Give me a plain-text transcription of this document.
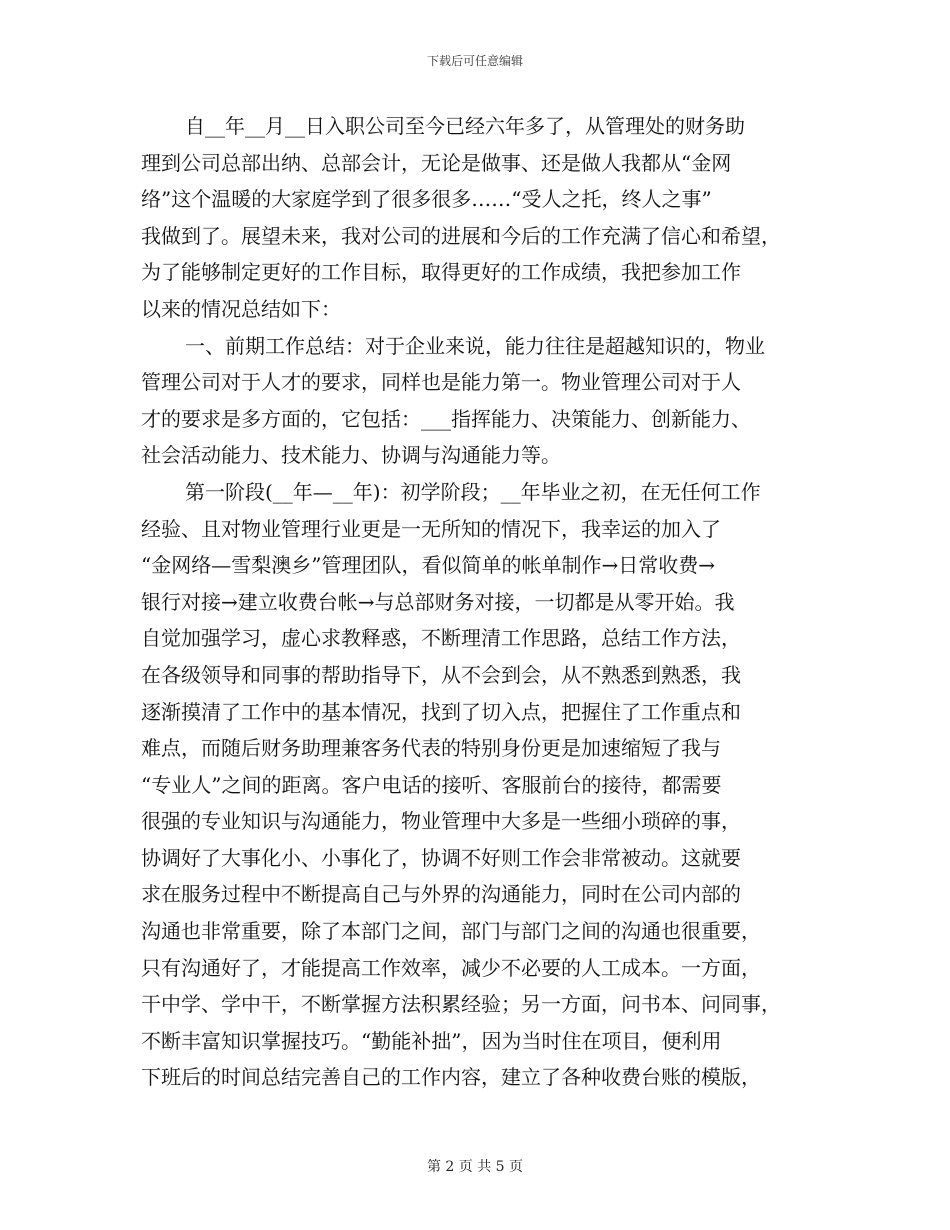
下载后可任意编辑
自__年__月__日入职公司至今已经六年多了，从管理处的财务助
理到公司总部出纳、总部会计，无论是做事、还是做人我都从“金网
络”这个温暖的大家庭学到了很多很多……“受人之托，终人之事”
我做到了。展望未来，我对公司的进展和今后的工作充满了信心和希望，
为了能够制定更好的工作目标，取得更好的工作成绩，我把参加工作
以来的情况总结如下：
一、前期工作总结：对于企业来说，能力往往是超越知识的，物业
管理公司对于人才的要求，同样也是能力第一。物业管理公司对于人
才的要求是多方面的，它包括：___指挥能力、决策能力、创新能力、
社会活动能力、技术能力、协调与沟通能力等。
第一阶段(__年—__年)：初学阶段；__年毕业之初，在无任何工作
经验、且对物业管理行业更是一无所知的情况下，我幸运的加入了
“金网络—雪梨澳乡”管理团队，看似简单的帐单制作→日常收费→
银行对接→建立收费台帐→与总部财务对接，一切都是从零开始。我
自觉加强学习，虚心求教释惑，不断理清工作思路，总结工作方法，
在各级领导和同事的帮助指导下，从不会到会，从不熟悉到熟悉，我
逐渐摸清了工作中的基本情况，找到了切入点，把握住了工作重点和
难点，而随后财务助理兼客务代表的特别身份更是加速缩短了我与
“专业人”之间的距离。客户电话的接听、客服前台的接待，都需要
很强的专业知识与沟通能力，物业管理中大多是一些细小琐碎的事，
协调好了大事化小、小事化了，协调不好则工作会非常被动。这就要
求在服务过程中不断提高自己与外界的沟通能力，同时在公司内部的
沟通也非常重要，除了本部门之间，部门与部门之间的沟通也很重要，
只有沟通好了，才能提高工作效率，减少不必要的人工成本。一方面，
干中学、学中干，不断掌握方法积累经验；另一方面，问书本、问同事，
不断丰富知识掌握技巧。“勤能补拙”，因为当时住在项目，便利用
下班后的时间总结完善自己的工作内容，建立了各种收费台账的模版，
第 2 页 共 5 页
